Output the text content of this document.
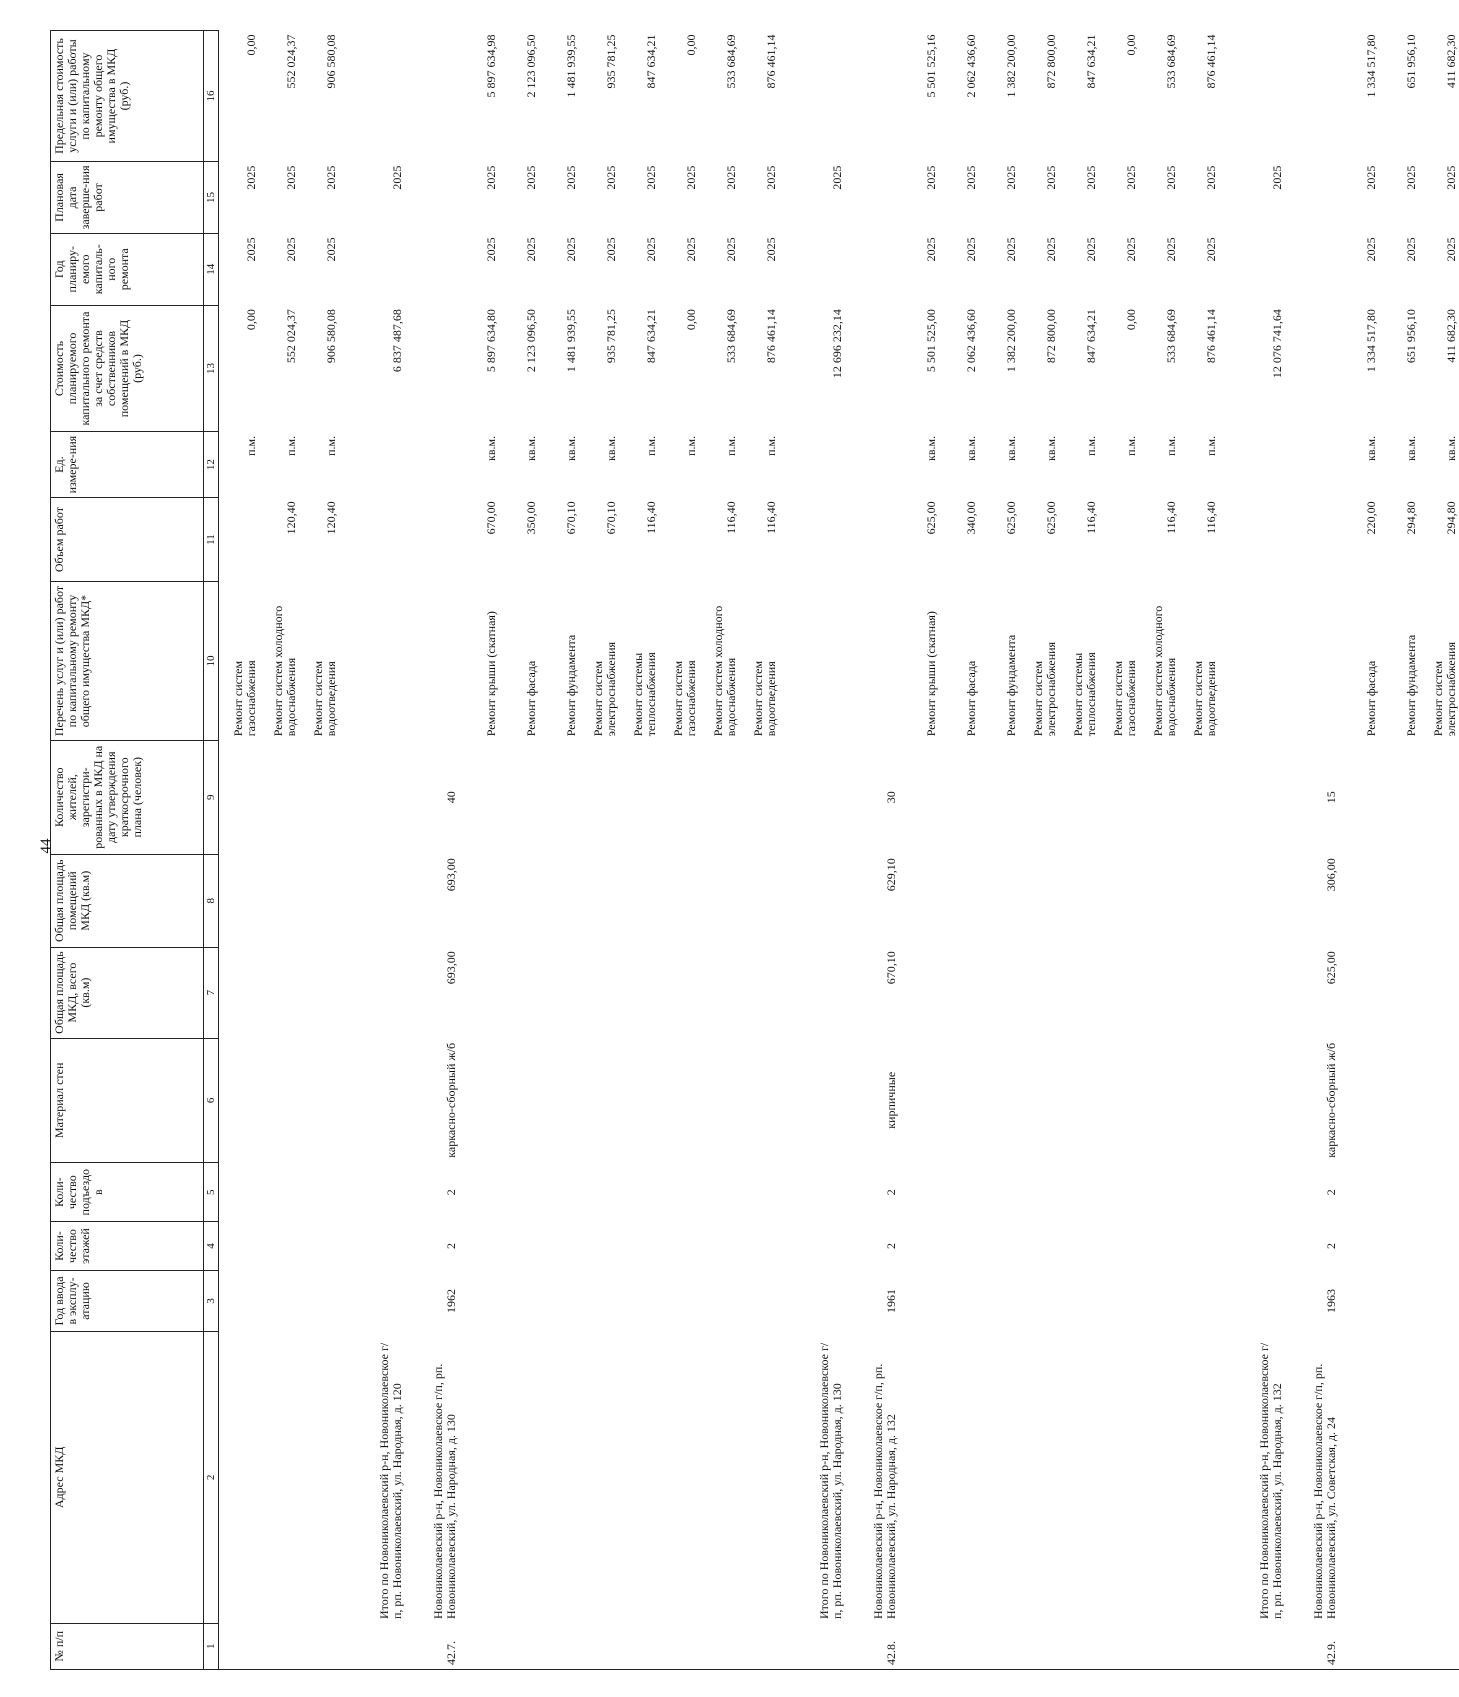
44
№ п/п	Адрес МКД	Год ввода в эксплу-атацию	Коли-чество этажей	Коли-чество подъездо в	Материал стен	Общая площадь МКД, всего (кв.м)	Общая площадь помещений МКД (кв.м)	Количество жителей, зарегистри-рованных в МКД на дату утверждения краткосрочного плана (человек)	Перечень услуг и (или) работ по капитальному ремонту общего имущества МКД*	Объем работ	Ед. измере-ния	Стоимость планируемого капитального ремонта за счет средств собственников помещений в МКД (руб.)	Год планиру-емого капиталь-ного ремонта	Плановая дата заверше-ния работ	Предельная стоимость услуги и (или) работы по капитальному ремонту общего имущества в МКД (руб.)
1	2	3	4	5	6	7	8	9	10	11	12	13	14	15	16
									Ремонт систем газоснабжения		п.м.	0,00	2025	2025	0,00
									Ремонт систем холодного водоснабжения	120,40	п.м.	552 024,37	2025	2025	552 024,37
									Ремонт систем водоотведения	120,40	п.м.	906 580,08	2025	2025	906 580,08
	Итого по Новониколаевский р-н, Новониколаевское г/п, рп. Новониколаевский, ул. Народная, д. 120											6 837 487,68		2025	
42.7.	Новониколаевский р-н, Новониколаевское г/п, рп. Новониколаевский, ул. Народная, д. 130	1962	2	2	каркасно-сборный ж/б	693,00	693,00	40							
									Ремонт крыши (скатная)	670,00	кв.м.	5 897 634,80	2025	2025	5 897 634,98
									Ремонт фасада	350,00	кв.м.	2 123 096,50	2025	2025	2 123 096,50
									Ремонт фундамента	670,10	кв.м.	1 481 939,55	2025	2025	1 481 939,55
									Ремонт систем электроснабжения	670,10	кв.м.	935 781,25	2025	2025	935 781,25
									Ремонт системы теплоснабжения	116,40	п.м.	847 634,21	2025	2025	847 634,21
									Ремонт систем газоснабжения		п.м.	0,00	2025	2025	0,00
									Ремонт систем холодного водоснабжения	116,40	п.м.	533 684,69	2025	2025	533 684,69
									Ремонт систем водоотведения	116,40	п.м.	876 461,14	2025	2025	876 461,14
	Итого по Новониколаевский р-н, Новониколаевское г/п, рп. Новониколаевский, ул. Народная, д. 130											12 696 232,14		2025	
42.8.	Новониколаевский р-н, Новониколаевское г/п, рп. Новониколаевский, ул. Народная, д. 132	1961	2	2	кирпичные	670,10	629,10	30							
									Ремонт крыши (скатная)	625,00	кв.м.	5 501 525,00	2025	2025	5 501 525,16
									Ремонт фасада	340,00	кв.м.	2 062 436,60	2025	2025	2 062 436,60
									Ремонт фундамента	625,00	кв.м.	1 382 200,00	2025	2025	1 382 200,00
									Ремонт систем электроснабжения	625,00	кв.м.	872 800,00	2025	2025	872 800,00
									Ремонт системы теплоснабжения	116,40	п.м.	847 634,21	2025	2025	847 634,21
									Ремонт систем газоснабжения		п.м.	0,00	2025	2025	0,00
									Ремонт систем холодного водоснабжения	116,40	п.м.	533 684,69	2025	2025	533 684,69
									Ремонт систем водоотведения	116,40	п.м.	876 461,14	2025	2025	876 461,14
	Итого по Новониколаевский р-н, Новониколаевское г/п, рп. Новониколаевский, ул. Народная, д. 132											12 076 741,64		2025	
42.9.	Новониколаевский р-н, Новониколаевское г/п, рп. Новониколаевский, ул. Советская, д. 24	1963	2	2	каркасно-сборный ж/б	625,00	306,00	15							
									Ремонт фасада	220,00	кв.м.	1 334 517,80	2025	2025	1 334 517,80
									Ремонт фундамента	294,80	кв.м.	651 956,10	2025	2025	651 956,10
									Ремонт систем электроснабжения	294,80	кв.м.	411 682,30	2025	2025	411 682,30
